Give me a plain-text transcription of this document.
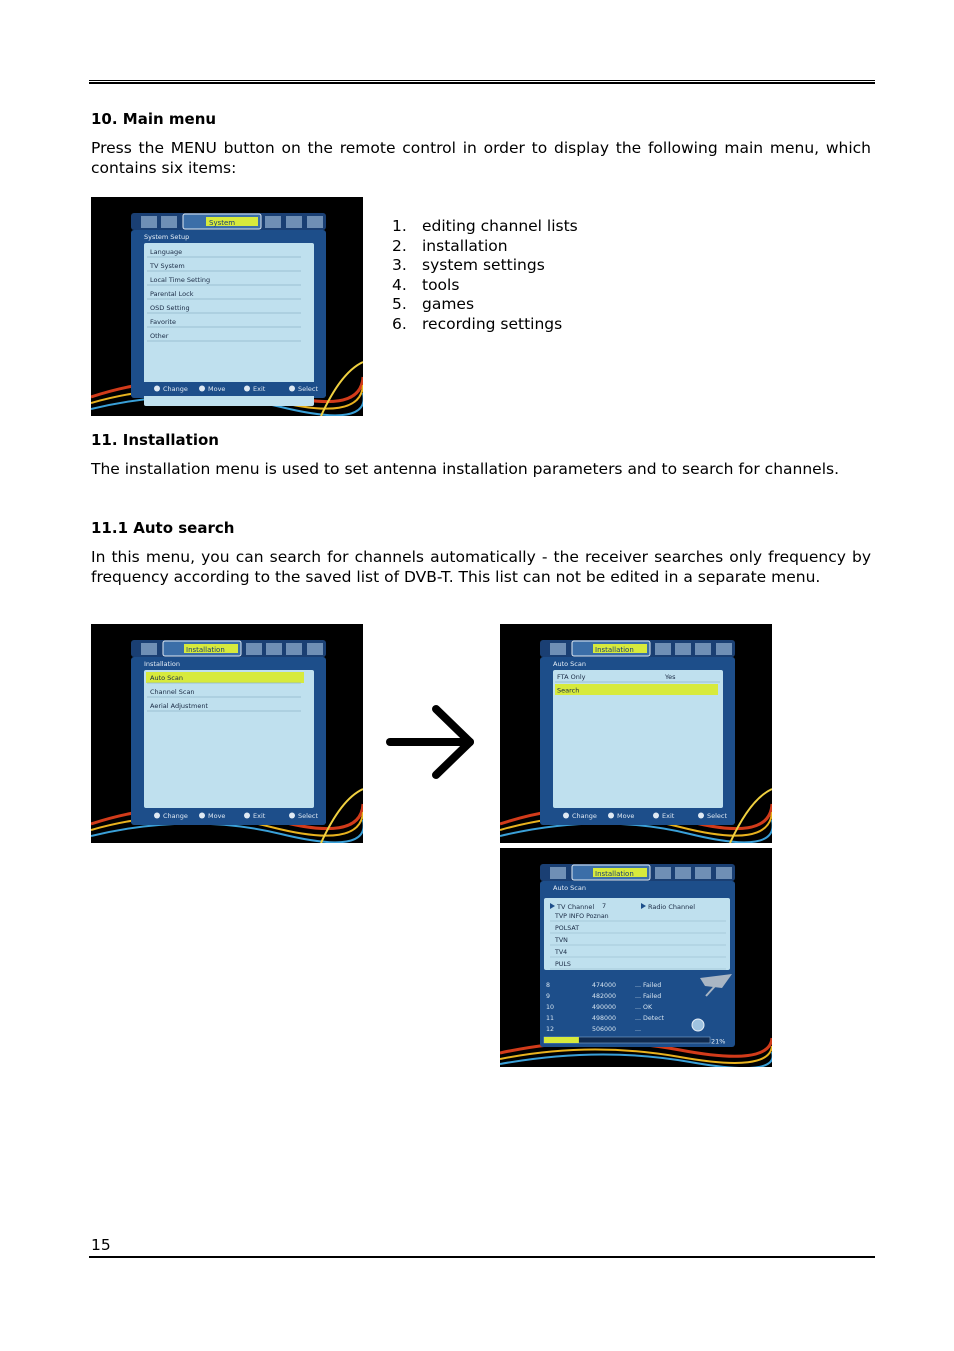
10. Main menu
Press the MENU button on the remote control in order to display the following main menu, which contains six items:
System
System Setup
Language
TV System
Local Time Setting
Parental Lock
OSD Setting
Favorite
Other
Change	Move	Exit	Select
1. editing channel lists
2. installation
3. system settings
4. tools
5. games
6. recording settings
11. Installation
The installation menu is used to set antenna installation parameters and to search for channels.
11.1 Auto search
In this menu, you can search for channels automatically - the receiver searches only frequency by frequency according to the saved list of DVB-T. This list can not be edited in a separate menu.
Installation
Installation
Auto Scan
Channel Scan
Aerial Adjustment
Change	Move	Exit	Select
Installation
Auto Scan
FTA Only	Yes
Search
Change	Move	Exit	Select
Installation
Auto Scan
TV Channel 7	Radio Channel
TVP INFO Poznan
POLSAT
TVN
TV4
PULS
8	474000	... Failed
9	482000	... Failed
10	490000	... OK
11	498000	... Detect
12	506000	...
21%
15
